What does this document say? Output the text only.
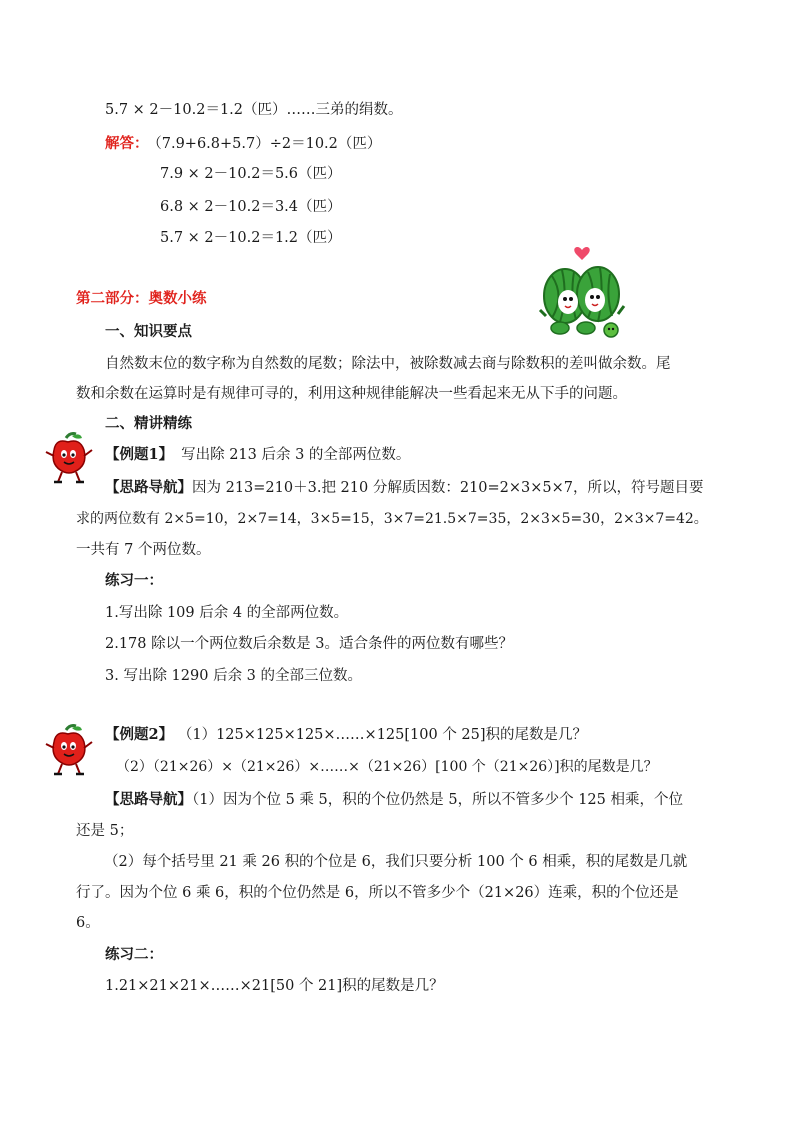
5.7 × 2－10.2＝1.2（匹）……三弟的绢数。
解答： （7.9+6.8+5.7）÷2＝10.2（匹）
7.9 × 2－10.2＝5.6（匹）
6.8 × 2－10.2＝3.4（匹）
5.7 × 2－10.2＝1.2（匹）
第二部分：奥数小练
一、知识要点
自然数末位的数字称为自然数的尾数；除法中，被除数减去商与除数积的差叫做余数。尾
数和余数在运算时是有规律可寻的，利用这种规律能解决一些看起来无从下手的问题。
二、精讲精练
【例题1】 写出除 213 后余 3 的全部两位数。
【思路导航】因为 213=210＋3.把 210 分解质因数：210=2×3×5×7，所以，符号题目要
求的两位数有 2×5=10，2×7=14，3×5=15，3×7=21.5×7=35，2×3×5=30，2×3×7=42。
一共有 7 个两位数。
练习一：
1.写出除 109 后余 4 的全部两位数。
2.178 除以一个两位数后余数是 3。适合条件的两位数有哪些？
3. 写出除 1290 后余 3 的全部三位数。
【例题2】 （1）125×125×125×……×125[100 个 25]积的尾数是几？
（2）（21×26）×（21×26）×……×（21×26）[100 个（21×26）]积的尾数是几？
【思路导航】（1）因为个位 5 乘 5，积的个位仍然是 5，所以不管多少个 125 相乘，个位
还是 5；
（2）每个括号里 21 乘 26 积的个位是 6，我们只要分析 100 个 6 相乘，积的尾数是几就
行了。因为个位 6 乘 6，积的个位仍然是 6，所以不管多少个（21×26）连乘，积的个位还是
6。
练习二：
1.21×21×21×……×21[50 个 21]积的尾数是几？
